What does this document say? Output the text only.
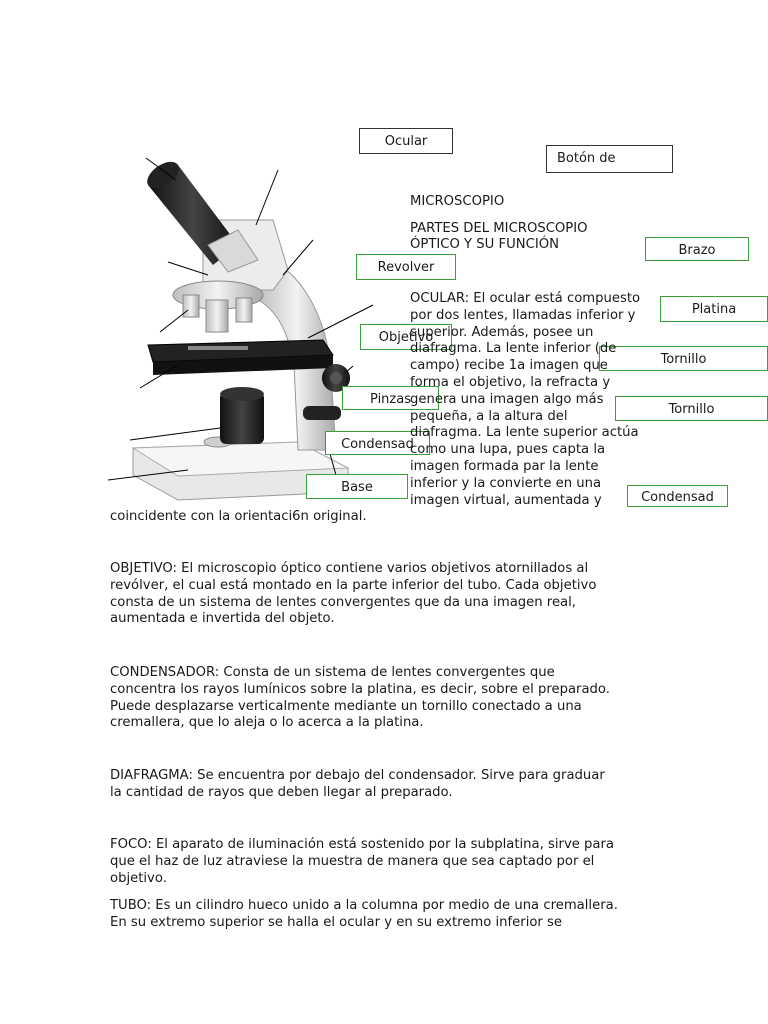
Ocular
Botón de
Brazo
Revolver
Platina
Objetivo
Tornillo
Pinzas
Tornillo
Condensad
Base
Condensad
MICROSCOPIO
PARTES DEL MICROSCOPIO
ÓPTICO Y SU FUNCIÓN
OCULAR: El ocular está compuesto
por dos lentes, llamadas inferior y
superior. Además, posee un
diafragma. La lente inferior (de
campo) recibe 1a imagen que
forma el objetivo, la refracta y
genera una imagen algo más
pequeña, a la altura del
diafragma. La lente superior actúa
como una lupa, pues capta la
imagen formada par la lente
inferior y la convierte en una
imagen virtual, aumentada y
coincidente con la orientaci6n original.
OBJETIVO: El microscopio óptico contiene varios objetivos atornillados al
revólver, el cual está montado en la parte inferior del tubo. Cada objetivo
consta de un sistema de lentes convergentes que da una imagen real,
aumentada e invertida del objeto.
CONDENSADOR: Consta de un sistema de lentes convergentes que
concentra los rayos lumínicos sobre la platina, es decir, sobre el preparado.
Puede desplazarse verticalmente mediante un tornillo conectado a una
cremallera, que lo aleja o lo acerca a la platina.
DIAFRAGMA: Se encuentra por debajo del condensador. Sirve para graduar
la cantidad de rayos que deben llegar al preparado.
FOCO: El aparato de iluminación está sostenido por la subplatina, sirve para
que el haz de luz atraviese la muestra de manera que sea captado por el
objetivo.
TUBO: Es un cilindro hueco unido a la columna por medio de una cremallera.
En su extremo superior se halla el ocular y en su extremo inferior se
